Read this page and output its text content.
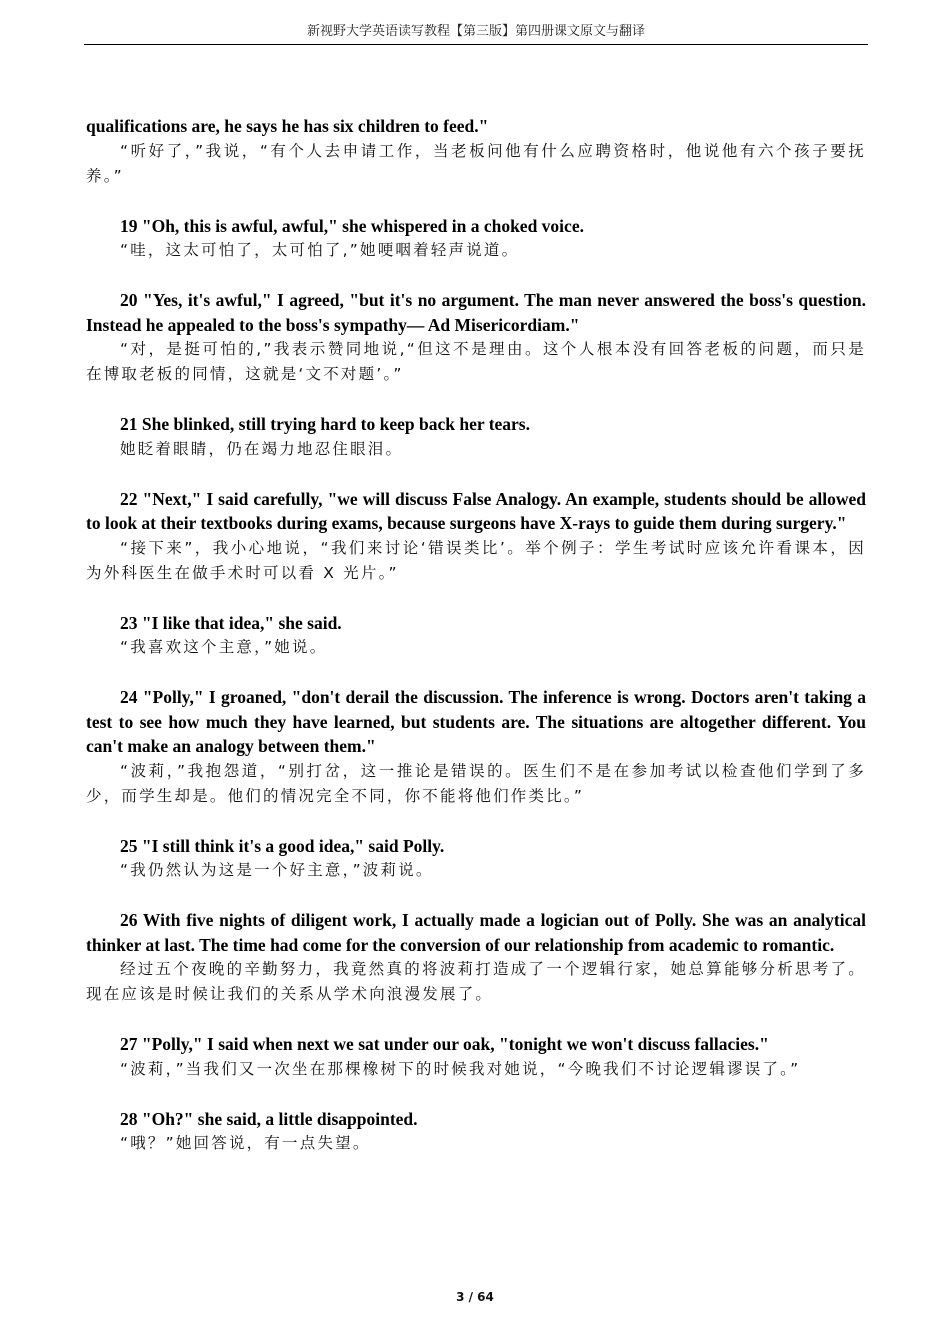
新视野大学英语读写教程【第三版】第四册课文原文与翻译

qualifications are, he says he has six children to feed."

“听好了，”我说，“有个人去申请工作，当老板问他有什么应聘资格时，他说他有六个孩子要抚养。”

19 "Oh, this is awful, awful," she whispered in a choked voice.

“哇，这太可怕了，太可怕了,”她哽咽着轻声说道。

20 "Yes, it's awful," I agreed, "but it's no argument. The man never answered the boss's question. Instead he appealed to the boss's sympathy— Ad Misericordiam."

“对，是挺可怕的,”我表示赞同地说,“但这不是理由。这个人根本没有回答老板的问题，而只是在博取老板的同情，这就是‘文不对题’。”

21 She blinked, still trying hard to keep back her tears.

她眨着眼睛，仍在竭力地忍住眼泪。

22 "Next," I said carefully, "we will discuss False Analogy. An example, students should be allowed to look at their textbooks during exams, because surgeons have X-rays to guide them during surgery."

“接下来”，我小心地说，“我们来讨论‘错误类比’。举个例子：学生考试时应该允许看课本，因为外科医生在做手术时可以看 X 光片。”

23 "I like that idea," she said.

“我喜欢这个主意，”她说。

24 "Polly," I groaned, "don't derail the discussion. The inference is wrong. Doctors aren't taking a test to see how much they have learned, but students are. The situations are altogether different. You can't make an analogy between them."

“波莉，”我抱怨道，“别打岔，这一推论是错误的。医生们不是在参加考试以检查他们学到了多少，而学生却是。他们的情况完全不同，你不能将他们作类比。”

25 "I still think it's a good idea," said Polly.

“我仍然认为这是一个好主意，”波莉说。

26 With five nights of diligent work, I actually made a logician out of Polly. She was an analytical thinker at last. The time had come for the conversion of our relationship from academic to romantic.

经过五个夜晚的辛勤努力，我竟然真的将波莉打造成了一个逻辑行家，她总算能够分析思考了。现在应该是时候让我们的关系从学术向浪漫发展了。

27 "Polly," I said when next we sat under our oak, "tonight we won't discuss fallacies."

“波莉，”当我们又一次坐在那棵橡树下的时候我对她说，“今晚我们不讨论逻辑谬误了。”

28 "Oh?" she said, a little disappointed.

“哦？”她回答说，有一点失望。

3 / 64
